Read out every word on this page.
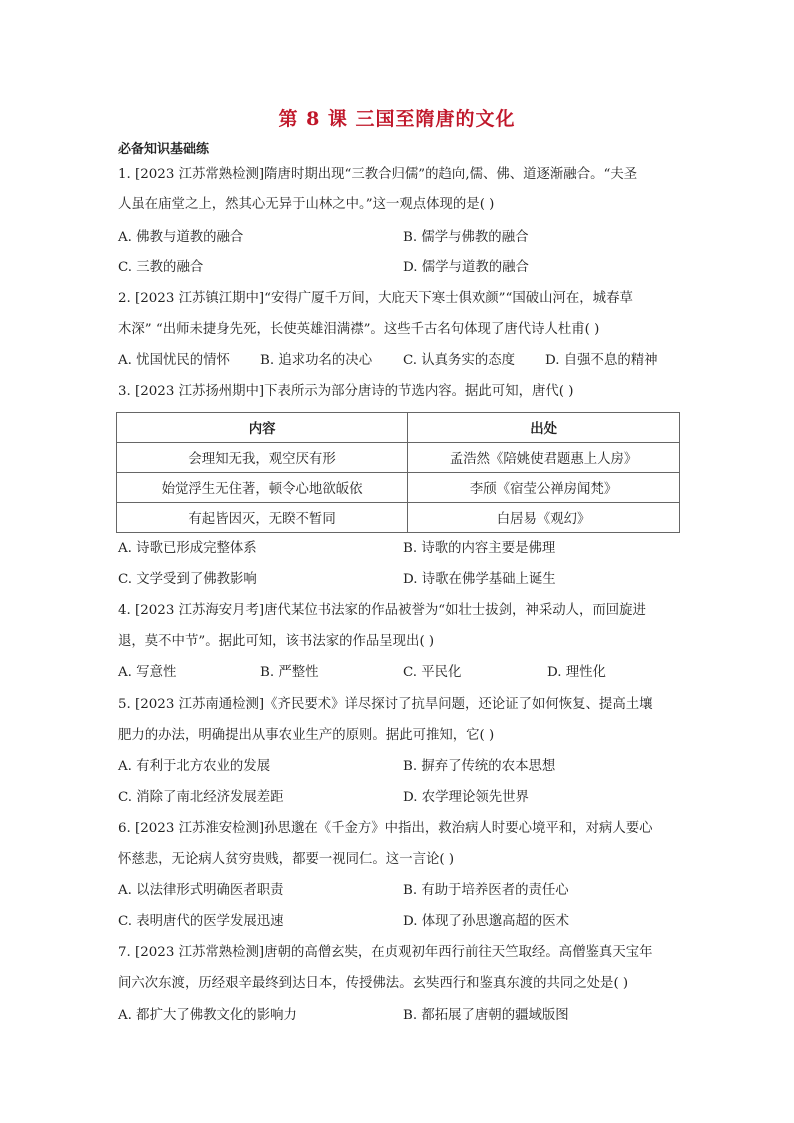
第 8 课 三国至隋唐的文化
必备知识基础练
1. [2023 江苏常熟检测]隋唐时期出现“三教合归儒”的趋向,儒、佛、道逐渐融合。“夫圣
人虽在庙堂之上，然其心无异于山林之中。”这一观点体现的是( )
A. 佛教与道教的融合	B. 儒学与佛教的融合
C. 三教的融合	D. 儒学与道教的融合
2. [2023 江苏镇江期中]“安得广厦千万间，大庇天下寒士俱欢颜”“国破山河在，城春草
木深” “出师未捷身先死，长使英雄泪满襟”。这些千古名句体现了唐代诗人杜甫( )
A. 忧国忧民的情怀 B. 追求功名的决心 C. 认真务实的态度 D. 自强不息的精神
3. [2023 江苏扬州期中]下表所示为部分唐诗的节选内容。据此可知，唐代( )
内容	出处
会理知无我，观空厌有形	孟浩然《陪姚使君题惠上人房》
始觉浮生无住著，顿令心地欲皈依	李颀《宿莹公禅房闻梵》
有起皆因灭，无睽不暂同	白居易《观幻》
A. 诗歌已形成完整体系	B. 诗歌的内容主要是佛理
C. 文学受到了佛教影响	D. 诗歌在佛学基础上诞生
4. [2023 江苏海安月考]唐代某位书法家的作品被誉为“如壮士拔剑，神采动人，而回旋进
退，莫不中节”。据此可知，该书法家的作品呈现出( )
A. 写意性	B. 严整性	C. 平民化	D. 理性化
5. [2023 江苏南通检测]《齐民要术》详尽探讨了抗旱问题，还论证了如何恢复、提高土壤
肥力的办法，明确提出从事农业生产的原则。据此可推知，它( )
A. 有利于北方农业的发展	B. 摒弃了传统的农本思想
C. 消除了南北经济发展差距	D. 农学理论领先世界
6. [2023 江苏淮安检测]孙思邈在《千金方》中指出，救治病人时要心境平和，对病人要心
怀慈悲，无论病人贫穷贵贱，都要一视同仁。这一言论( )
A. 以法律形式明确医者职责	B. 有助于培养医者的责任心
C. 表明唐代的医学发展迅速	D. 体现了孙思邈高超的医术
7. [2023 江苏常熟检测]唐朝的高僧玄奘，在贞观初年西行前往天竺取经。高僧鉴真天宝年
间六次东渡，历经艰辛最终到达日本，传授佛法。玄奘西行和鉴真东渡的共同之处是( )
A. 都扩大了佛教文化的影响力	B. 都拓展了唐朝的疆域版图
